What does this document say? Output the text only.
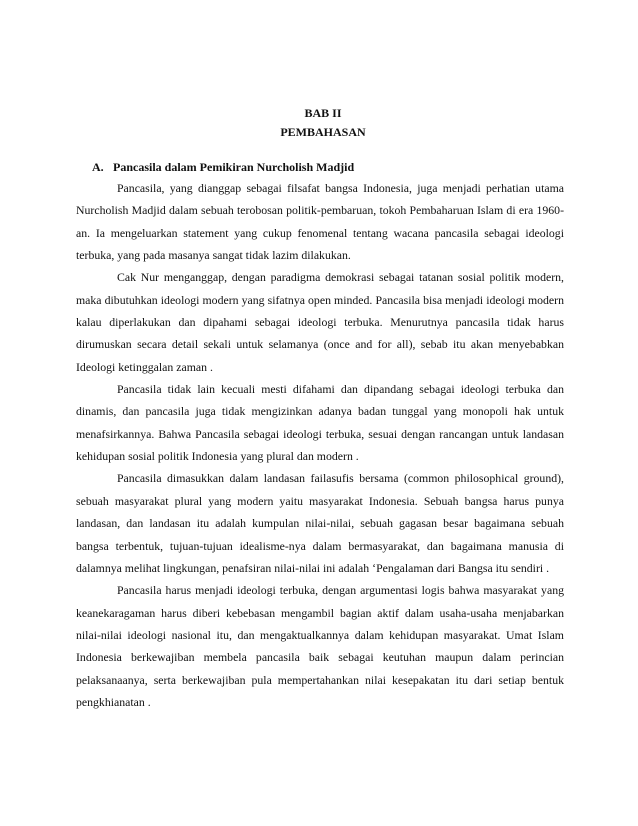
BAB II
PEMBAHASAN
A. Pancasila dalam Pemikiran Nurcholish Madjid

Pancasila, yang dianggap sebagai filsafat bangsa Indonesia, juga menjadi perhatian utama Nurcholish Madjid dalam sebuah terobosan politik-pembaruan, tokoh Pembaharuan Islam di era 1960-an. Ia mengeluarkan statement yang cukup fenomenal tentang wacana pancasila sebagai ideologi terbuka, yang pada masanya sangat tidak lazim dilakukan.

Cak Nur menganggap, dengan paradigma demokrasi sebagai tatanan sosial politik modern, maka dibutuhkan ideologi modern yang sifatnya open minded. Pancasila bisa menjadi ideologi modern kalau diperlakukan dan dipahami sebagai ideologi terbuka. Menurutnya pancasila tidak harus dirumuskan secara detail sekali untuk selamanya (once and for all), sebab itu akan menyebabkan Ideologi ketinggalan zaman .

Pancasila tidak lain kecuali mesti difahami dan dipandang sebagai ideologi terbuka dan dinamis, dan pancasila juga tidak mengizinkan adanya badan tunggal yang monopoli hak untuk menafsirkannya. Bahwa Pancasila sebagai ideologi terbuka, sesuai dengan rancangan untuk landasan kehidupan sosial politik Indonesia yang plural dan modern .

Pancasila dimasukkan dalam landasan failasufis bersama (common philosophical ground), sebuah masyarakat plural yang modern yaitu masyarakat Indonesia. Sebuah bangsa harus punya landasan, dan landasan itu adalah kumpulan nilai-nilai, sebuah gagasan besar bagaimana sebuah bangsa terbentuk, tujuan-tujuan idealisme-nya dalam bermasyarakat, dan bagaimana manusia di dalamnya melihat lingkungan, penafsiran nilai-nilai ini adalah ‘Pengalaman dari Bangsa itu sendiri .

Pancasila harus menjadi ideologi terbuka, dengan argumentasi logis bahwa masyarakat yang keanekaragaman harus diberi kebebasan mengambil bagian aktif dalam usaha-usaha menjabarkan nilai-nilai ideologi nasional itu, dan mengaktualkannya dalam kehidupan masyarakat. Umat Islam Indonesia berkewajiban membela pancasila baik sebagai keutuhan maupun dalam perincian pelaksanaanya, serta berkewajiban pula mempertahankan nilai kesepakatan itu dari setiap bentuk pengkhianatan .
